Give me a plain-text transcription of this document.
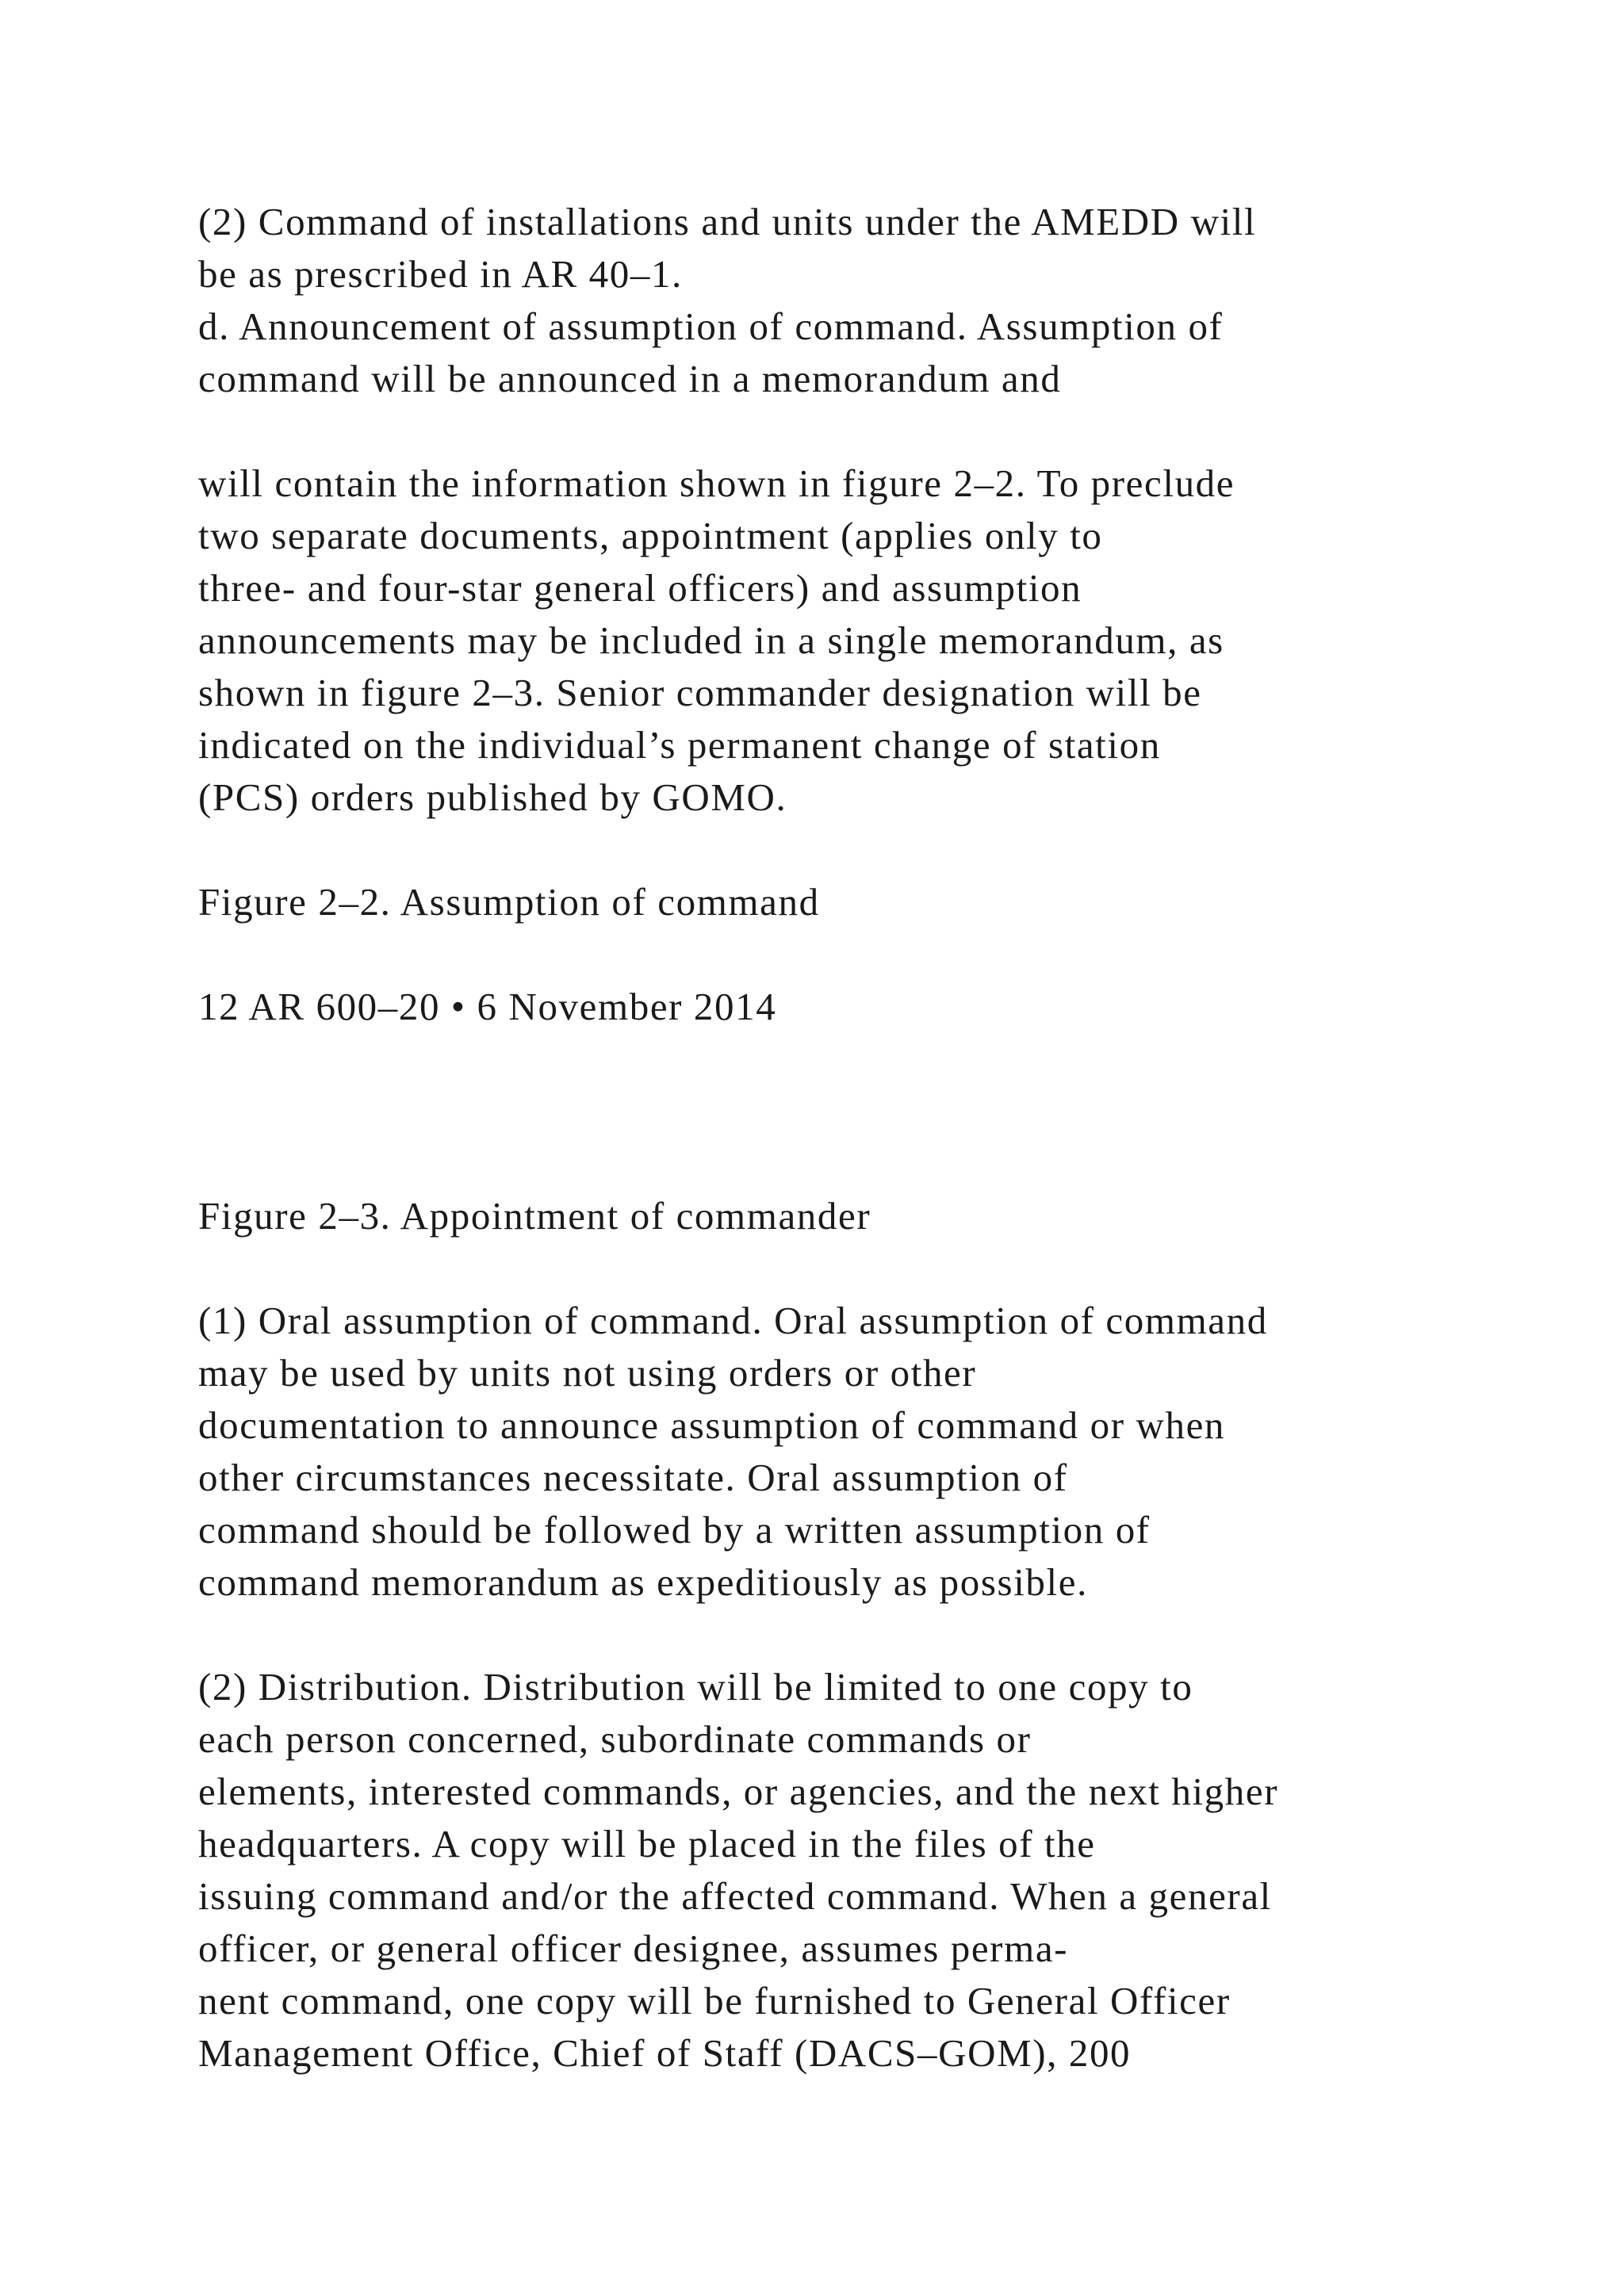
(2) Command of installations and units under the AMEDD will
be as prescribed in AR 40–1.
d. Announcement of assumption of command. Assumption of
command will be announced in a memorandum and
will contain the information shown in figure 2–2. To preclude
two separate documents, appointment (applies only to
three- and four-star general officers) and assumption
announcements may be included in a single memorandum, as
shown in figure 2–3. Senior commander designation will be
indicated on the individual’s permanent change of station
(PCS) orders published by GOMO.
Figure 2–2. Assumption of command
12 AR 600–20 • 6 November 2014
Figure 2–3. Appointment of commander
(1) Oral assumption of command. Oral assumption of command
may be used by units not using orders or other
documentation to announce assumption of command or when
other circumstances necessitate. Oral assumption of
command should be followed by a written assumption of
command memorandum as expeditiously as possible.
(2) Distribution. Distribution will be limited to one copy to
each person concerned, subordinate commands or
elements, interested commands, or agencies, and the next higher
headquarters. A copy will be placed in the files of the
issuing command and/or the affected command. When a general
officer, or general officer designee, assumes perma-
nent command, one copy will be furnished to General Officer
Management Office, Chief of Staff (DACS–GOM), 200
